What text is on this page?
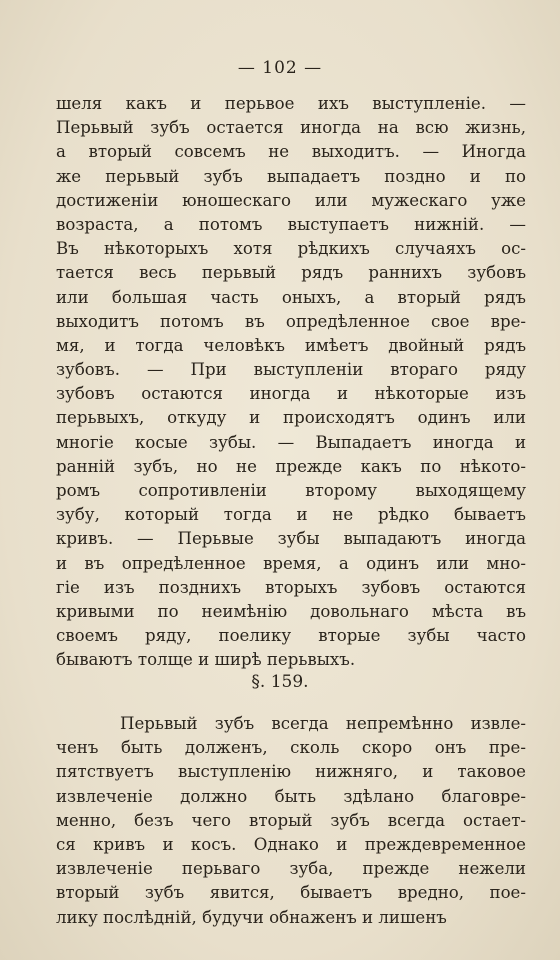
— 102 —
шеля какъ и перьвое ихъ выступленіе. —
Перьвый зубъ остается иногда на всю жизнь,
а вторый совсемъ не выходитъ. — Иногда
же перьвый зубъ выпадаетъ поздно и по
достиженіи юношескаго или мужескаго уже
возраста, а потомъ выступаетъ нижній. —
Въ нѣкоторыхъ хотя рѣдкихъ случаяхъ ос-
тается весь перьвый рядъ раннихъ зубовъ
или большая часть оныхъ, а вторый рядъ
выходитъ потомъ въ опредѣленное свое вре-
мя, и тогда человѣкъ имѣетъ двойный рядъ
зубовъ. — При выступленіи втораго ряду
зубовъ остаются иногда и нѣкоторые изъ
перьвыхъ, откуду и происходятъ одинъ или
многіе косые зубы. — Выпадаетъ иногда и
ранній зубъ, но не прежде какъ по нѣкото-
ромъ сопротивленіи второму выходящему
зубу, который тогда и не рѣдко бываетъ
кривъ. — Перьвые зубы выпадаютъ иногда
и въ опредѣленное время, а одинъ или мно-
гіе изъ позднихъ вторыхъ зубовъ остаются
кривыми по неимѣнію довольнаго мѣста въ
своемъ ряду, поелику вторые зубы часто
бываютъ толще и ширѣ перьвыхъ.
§. 159.
Перьвый зубъ всегда непремѣнно извле-
ченъ быть долженъ, сколь скоро онъ пре-
пятствуетъ выступленію нижняго, и таковое
извлеченіе должно быть здѣлано благовре-
менно, безъ чего вторый зубъ всегда остает-
ся кривъ и косъ. Однако и преждевременное
извлеченіе перьваго зуба, прежде нежели
вторый зубъ явится, бываетъ вредно, пое-
лику послѣдній, будучи обнаженъ и лишенъ
